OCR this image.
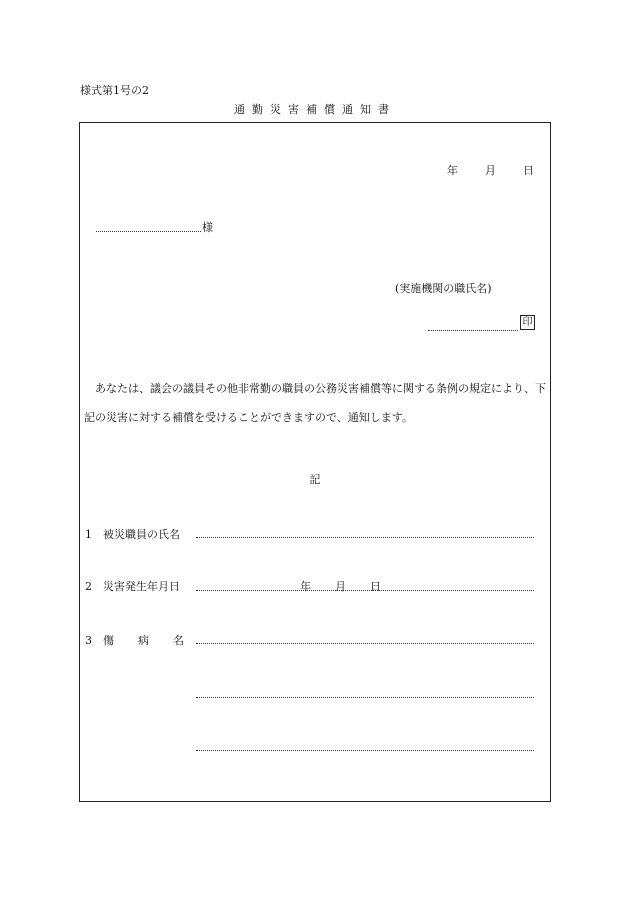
様式第1号の2
通勤災害補償通知書
年 月 日
様
(実施機関の職氏名)
印
あなたは、議会の議員その他非常勤の職員の公務災害補償等に関する条例の規定により、下記の災害に対する補償を受けることができますので、通知します。
記
1 被災職員の氏名
2 災害発生年月日	年 月 日
3 傷病名
